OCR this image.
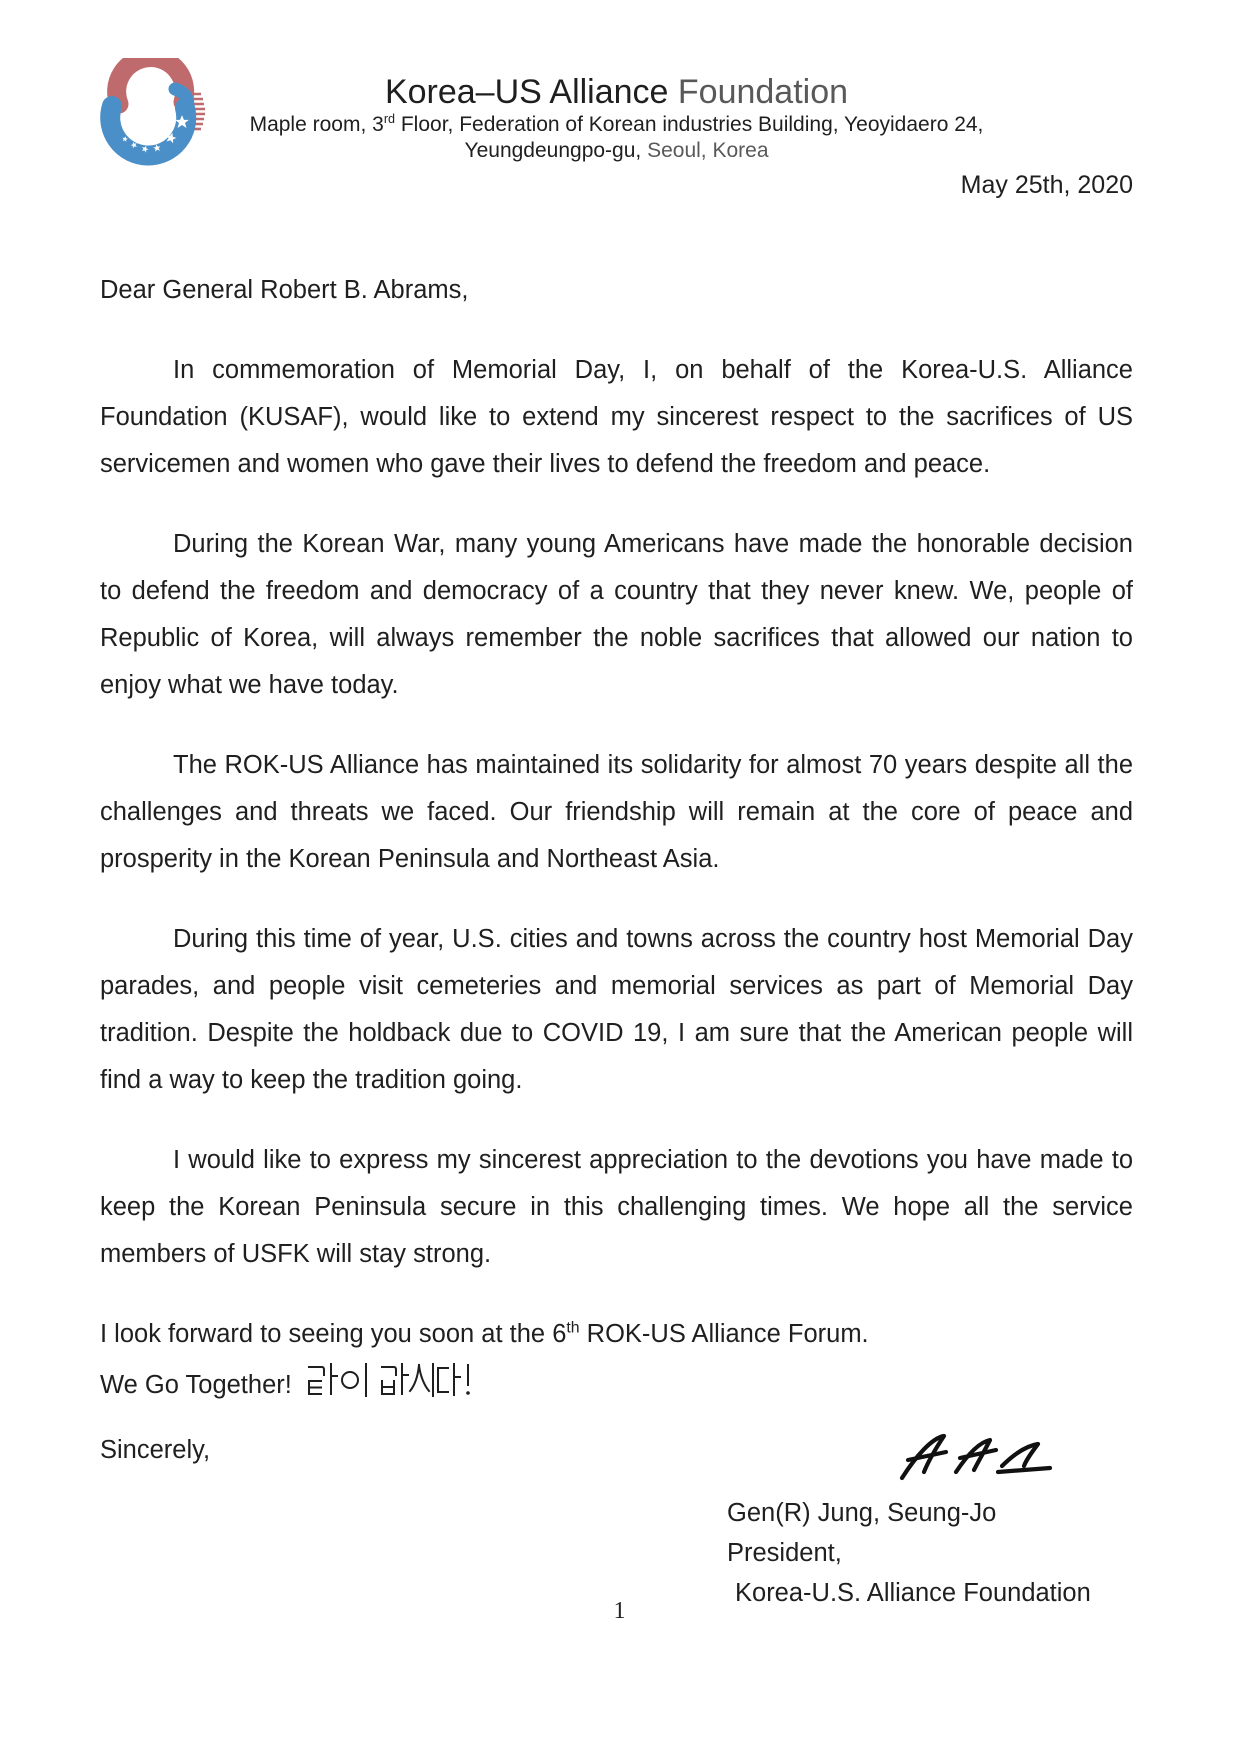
Korea–US Alliance Foundation
Maple room, 3rd Floor, Federation of Korean industries Building, Yeoyidaero 24,
Yeungdeungpo-gu, Seoul, Korea
May 25th, 2020
Dear General Robert B. Abrams,

In commemoration of Memorial Day, I, on behalf of the Korea-U.S. Alliance Foundation (KUSAF), would like to extend my sincerest respect to the sacrifices of US servicemen and women who gave their lives to defend the freedom and peace.

During the Korean War, many young Americans have made the honorable decision to defend the freedom and democracy of a country that they never knew. We, people of Republic of Korea, will always remember the noble sacrifices that allowed our nation to enjoy what we have today.

The ROK-US Alliance has maintained its solidarity for almost 70 years despite all the challenges and threats we faced. Our friendship will remain at the core of peace and prosperity in the Korean Peninsula and Northeast Asia.

During this time of year, U.S. cities and towns across the country host Memorial Day parades, and people visit cemeteries and memorial services as part of Memorial Day tradition. Despite the holdback due to COVID 19, I am sure that the American people will find a way to keep the tradition going.

I would like to express my sincerest appreciation to the devotions you have made to keep the Korean Peninsula secure in this challenging times. We hope all the service members of USFK will stay strong.

I look forward to seeing you soon at the 6th ROK-US Alliance Forum.

We Go Together!

Sincerely,

Gen(R) Jung, Seung-Jo
President,
Korea-U.S. Alliance Foundation
1
